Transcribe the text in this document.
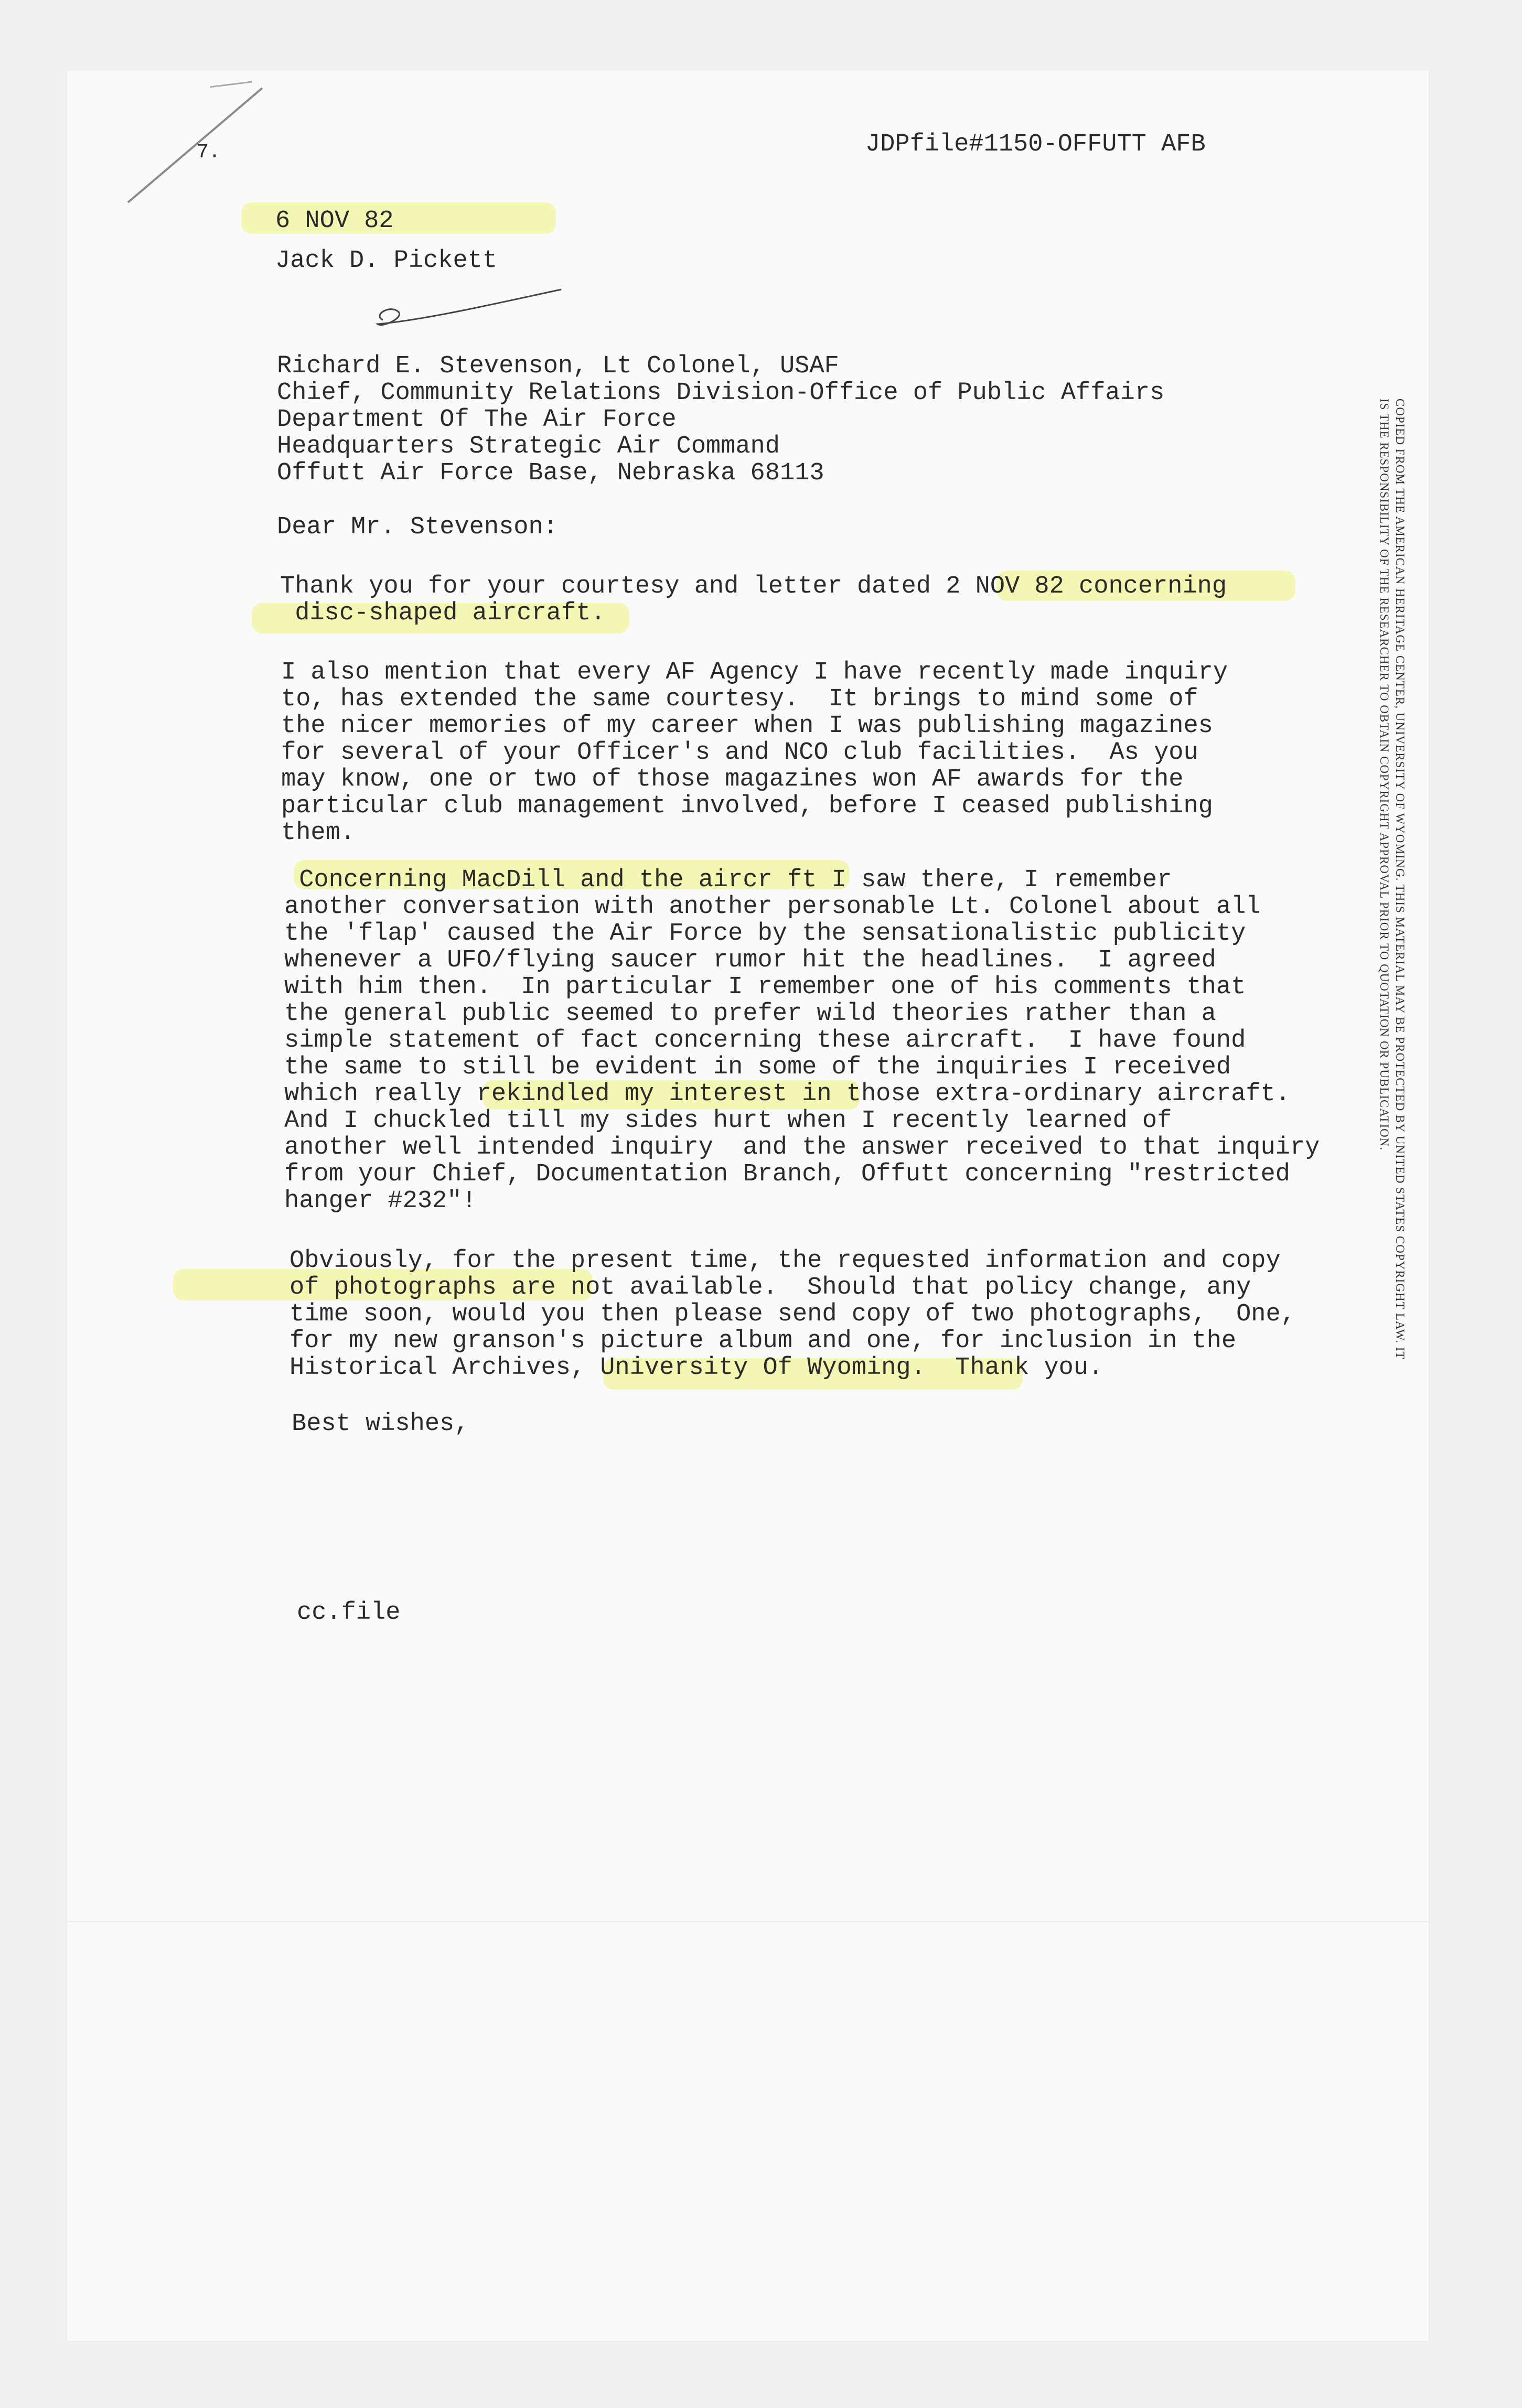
7.	JDPfile#1150-OFFUTT AFB
6 NOV 82
Jack D. Pickett
Richard E. Stevenson, Lt Colonel, USAF
Chief, Community Relations Division-Office of Public Affairs
Department Of The Air Force
Headquarters Strategic Air Command
Offutt Air Force Base, Nebraska 68113
Dear Mr. Stevenson:
Thank you for your courtesy and letter dated 2 NOV 82 concerning
disc-shaped aircraft.
I also mention that every AF Agency I have recently made inquiry
to, has extended the same courtesy.  It brings to mind some of
the nicer memories of my career when I was publishing magazines
for several of your Officer's and NCO club facilities.  As you
may know, one or two of those magazines won AF awards for the
particular club management involved, before I ceased publishing
them.
Concerning MacDill and the aircr ft I saw there, I remember
another conversation with another personable Lt. Colonel about all
the 'flap' caused the Air Force by the sensationalistic publicity
whenever a UFO/flying saucer rumor hit the headlines.  I agreed
with him then.  In particular I remember one of his comments that
the general public seemed to prefer wild theories rather than a
simple statement of fact concerning these aircraft.  I have found
the same to still be evident in some of the inquiries I received
which really rekindled my interest in those extra-ordinary aircraft.
And I chuckled till my sides hurt when I recently learned of
another well intended inquiry  and the answer received to that inquiry
from your Chief, Documentation Branch, Offutt concerning "restricted
hanger #232"!
Obviously, for the present time, the requested information and copy
of photographs are not available.  Should that policy change, any
time soon, would you then please send copy of two photographs,  One,
for my new granson's picture album and one, for inclusion in the
Historical Archives, University Of Wyoming.  Thank you.
Best wishes,
cc.file
COPIED FROM THE AMERICAN HERITAGE CENTER, UNIVERSITY OF WYOMING. THIS MATERIAL MAY BE PROTECTED BY UNITED STATES COPYRIGHT LAW. IT
IS THE RESPONSIBILITY OF THE RESEARCHER TO OBTAIN COPYRIGHT APPROVAL PRIOR TO QUOTATION OR PUBLICATION.
